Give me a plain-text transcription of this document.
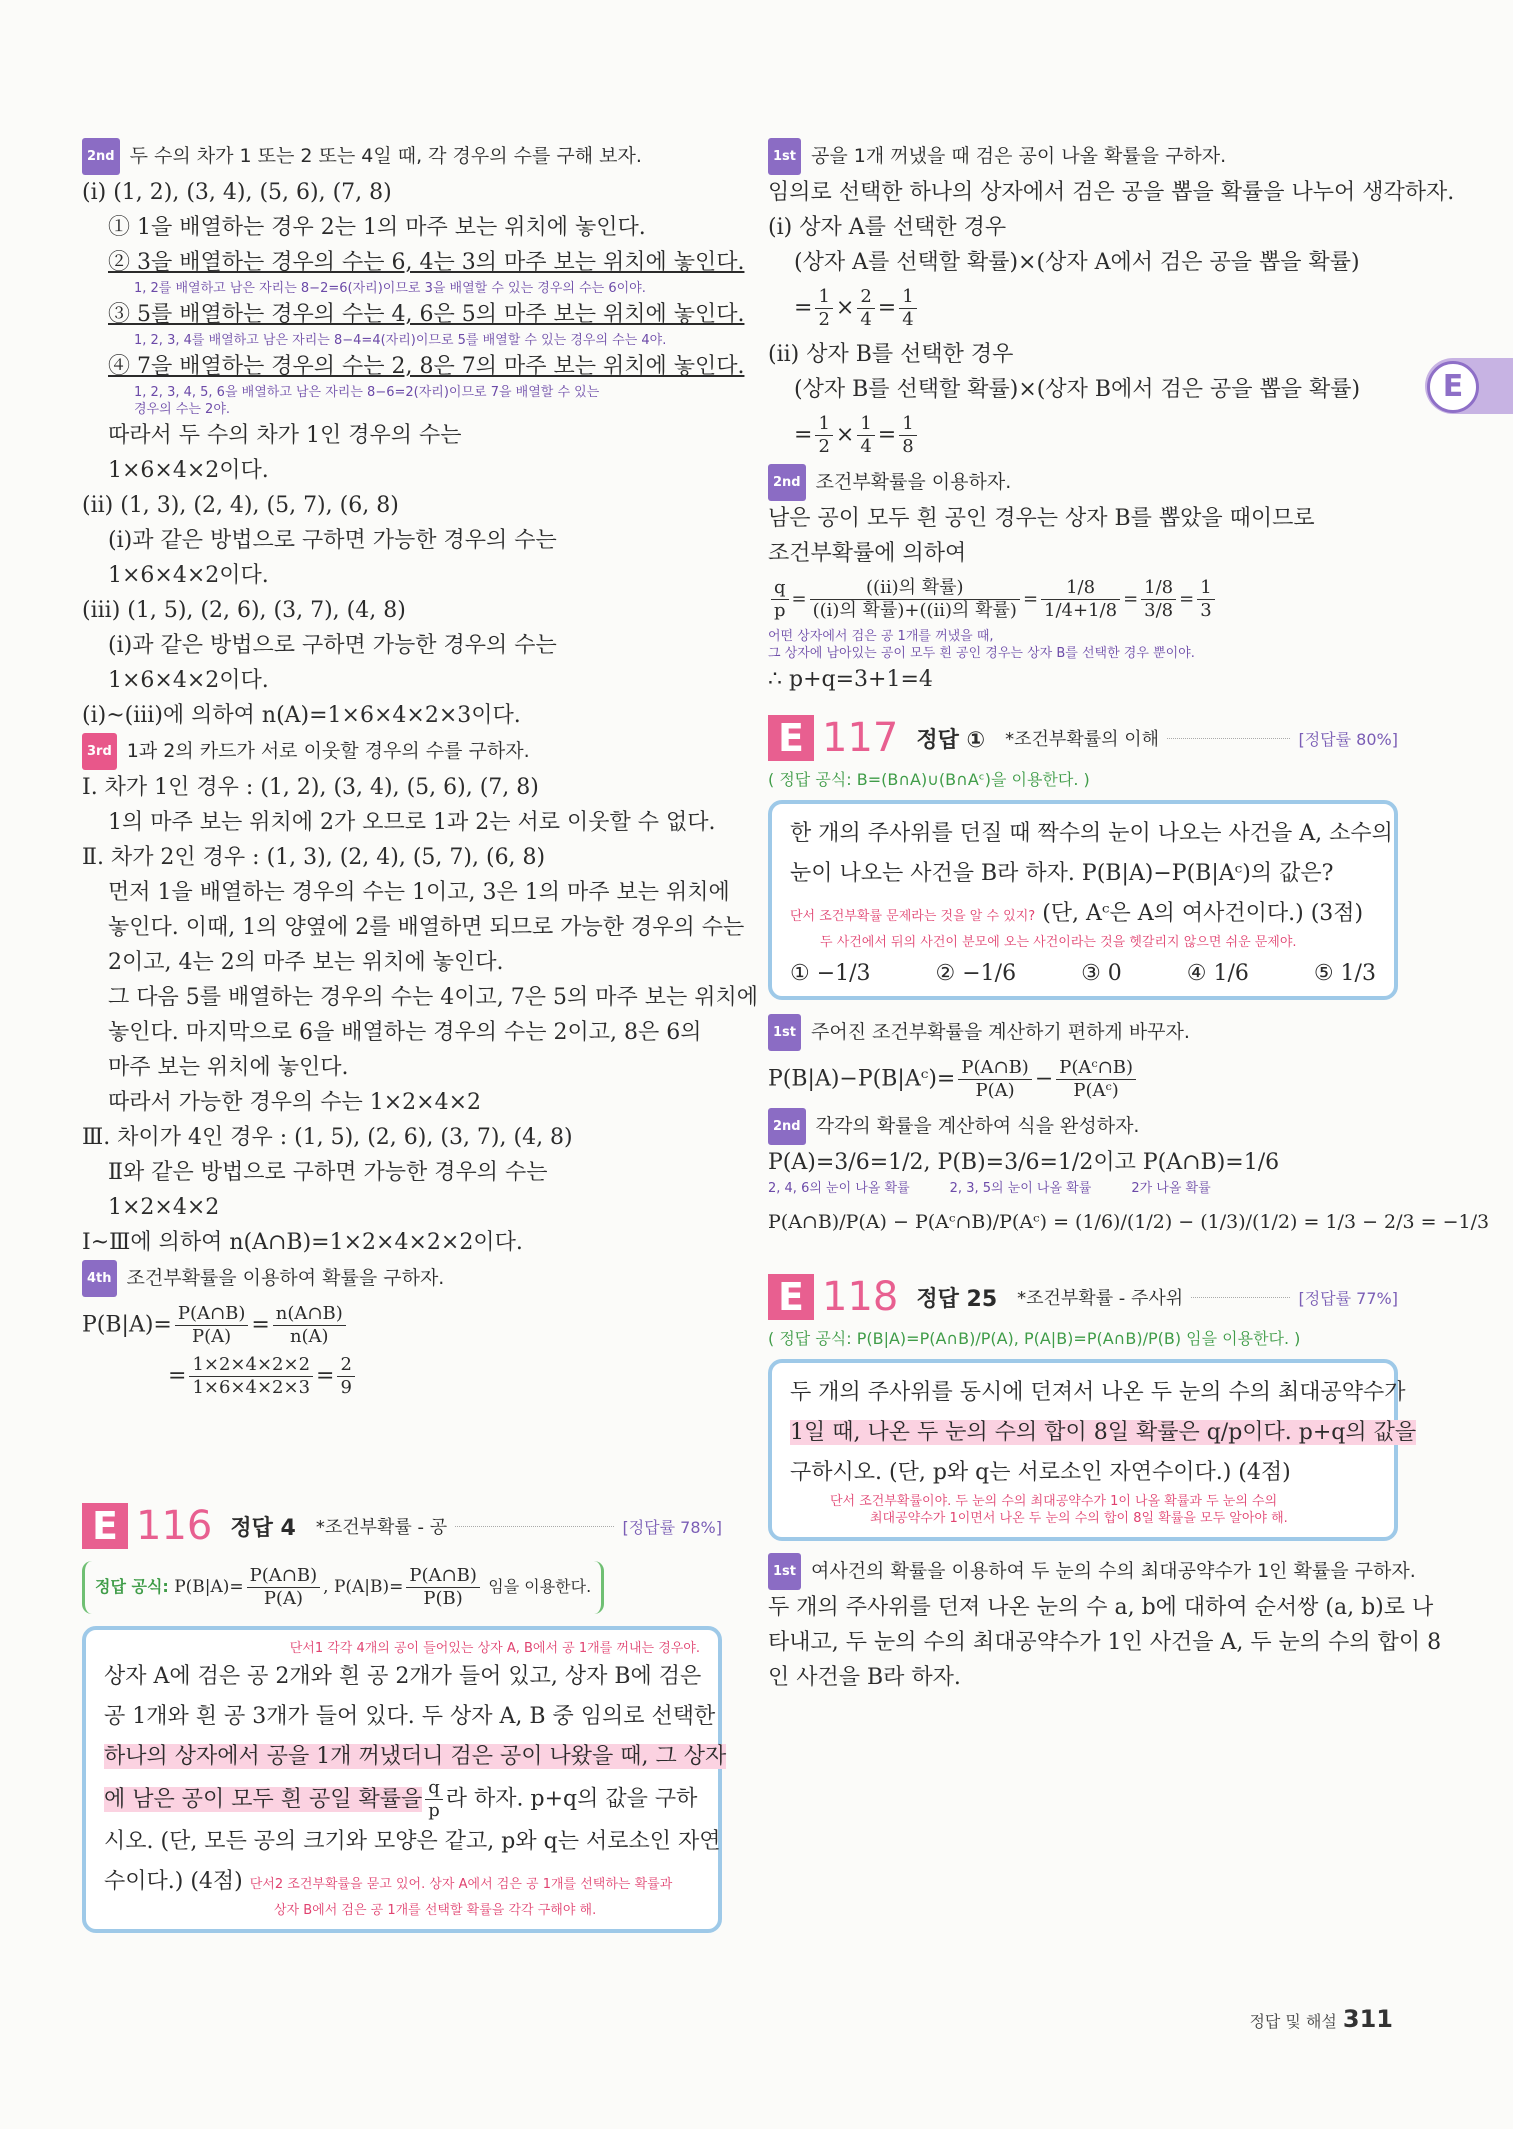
E
2nd 두 수의 차가 1 또는 2 또는 4일 때, 각 경우의 수를 구해 보자.
(i) (1, 2), (3, 4), (5, 6), (7, 8)
① 1을 배열하는 경우 2는 1의 마주 보는 위치에 놓인다.
② 3을 배열하는 경우의 수는 6, 4는 3의 마주 보는 위치에 놓인다.
1, 2를 배열하고 남은 자리는 8−2=6(자리)이므로 3을 배열할 수 있는 경우의 수는 6이야.
③ 5를 배열하는 경우의 수는 4, 6은 5의 마주 보는 위치에 놓인다.
1, 2, 3, 4를 배열하고 남은 자리는 8−4=4(자리)이므로 5를 배열할 수 있는 경우의 수는 4야.
④ 7을 배열하는 경우의 수는 2, 8은 7의 마주 보는 위치에 놓인다.
1, 2, 3, 4, 5, 6을 배열하고 남은 자리는 8−6=2(자리)이므로 7을 배열할 수 있는
경우의 수는 2야.
따라서 두 수의 차가 1인 경우의 수는
1×6×4×2이다.
(ii) (1, 3), (2, 4), (5, 7), (6, 8)
(i)과 같은 방법으로 구하면 가능한 경우의 수는
1×6×4×2이다.
(iii) (1, 5), (2, 6), (3, 7), (4, 8)
(i)과 같은 방법으로 구하면 가능한 경우의 수는
1×6×4×2이다.
(i)~(iii)에 의하여 n(A)=1×6×4×2×3이다.
3rd 1과 2의 카드가 서로 이웃할 경우의 수를 구하자.
Ⅰ. 차가 1인 경우 : (1, 2), (3, 4), (5, 6), (7, 8)
1의 마주 보는 위치에 2가 오므로 1과 2는 서로 이웃할 수 없다.
Ⅱ. 차가 2인 경우 : (1, 3), (2, 4), (5, 7), (6, 8)
먼저 1을 배열하는 경우의 수는 1이고, 3은 1의 마주 보는 위치에
놓인다. 이때, 1의 양옆에 2를 배열하면 되므로 가능한 경우의 수는
2이고, 4는 2의 마주 보는 위치에 놓인다.
그 다음 5를 배열하는 경우의 수는 4이고, 7은 5의 마주 보는 위치에
놓인다. 마지막으로 6을 배열하는 경우의 수는 2이고, 8은 6의
마주 보는 위치에 놓인다.
따라서 가능한 경우의 수는 1×2×4×2
Ⅲ. 차이가 4인 경우 : (1, 5), (2, 6), (3, 7), (4, 8)
Ⅱ와 같은 방법으로 구하면 가능한 경우의 수는
1×2×4×2
Ⅰ~Ⅲ에 의하여 n(A∩B)=1×2×4×2×2이다.
4th 조건부확률을 이용하여 확률을 구하자.
$P(B|A)= \frac{P(A\cap B)}{P(A)} = \frac{n(A\cap B)}{n(A)}$
= $\frac{1\times 2\times 4\times 2\times 2}{1\times 6\times 4\times 2\times 3} = \frac{2}{9}$
E 116 정답 4 *조건부확률 - 공	[정답률 78%]
정답 공식: $P(B|A)= \frac{P(A\cap B)}{P(A)}$ , $P(A|B)= \frac{P(A\cap B)}{P(B)}$ 임을 이용한다.
단서1 각각 4개의 공이 들어있는 상자 A, B에서 공 1개를 꺼내는 경우야.
상자 A에 검은 공 2개와 흰 공 2개가 들어 있고, 상자 B에 검은
공 1개와 흰 공 3개가 들어 있다. 두 상자 A, B 중 임의로 선택한
하나의 상자에서 공을 1개 꺼냈더니 검은 공이 나왔을 때, 그 상자
에 남은 공이 모두 흰 공일 확률을 $\frac{q}{p}$ 라 하자. p+q의 값을 구하
시오. (단, 모든 공의 크기와 모양은 같고, p와 q는 서로소인 자연
수이다.) (4점) 단서2 조건부확률을 묻고 있어. 상자 A에서 검은 공 1개를 선택하는 확률과
상자 B에서 검은 공 1개를 선택할 확률을 각각 구해야 해.
1st 공을 1개 꺼냈을 때 검은 공이 나올 확률을 구하자.
임의로 선택한 하나의 상자에서 검은 공을 뽑을 확률을 나누어 생각하자.
(i) 상자 A를 선택한 경우
(상자 A를 선택할 확률)×(상자 A에서 검은 공을 뽑을 확률)
= $\frac{1}{2} \times \frac{2}{4} = \frac{1}{4}$
(ii) 상자 B를 선택한 경우
(상자 B를 선택할 확률)×(상자 B에서 검은 공을 뽑을 확률)
= $\frac{1}{2} \times \frac{1}{4} = \frac{1}{8}$
2nd 조건부확률을 이용하자.
남은 공이 모두 흰 공인 경우는 상자 B를 뽑았을 때이므로
조건부확률에 의하여
$\frac{q}{p} = \frac{\text{((ii)의 확률)}}{\text{((i)의 확률)+((ii)의 확률)}} = \frac{1/8}{1/4+1/8} = \frac{1/8}{3/8} = \frac{1}{3}$
어떤 상자에서 검은 공 1개를 꺼냈을 때,
그 상자에 남아있는 공이 모두 흰 공인 경우는 상자 B를 선택한 경우 뿐이야.
∴ p+q=3+1=4
E 117 정답 ① *조건부확률의 이해	[정답률 80%]
( 정답 공식: B=(B∩A)∪(B∩Aᶜ)을 이용한다. )
한 개의 주사위를 던질 때 짝수의 눈이 나오는 사건을 A, 소수의
눈이 나오는 사건을 B라 하자. P(B|A)−P(B|Aᶜ)의 값은?
단서 조건부확률 문제라는 것을 알 수 있지? (단, Aᶜ은 A의 여사건이다.) (3점)
두 사건에서 뒤의 사건이 분모에 오는 사건이라는 것을 헷갈리지 않으면 쉬운 문제야.
① −1/3	② −1/6	③ 0	④ 1/6	⑤ 1/3
1st 주어진 조건부확률을 계산하기 편하게 바꾸자.
P(B|A)−P(B|Aᶜ)= $\frac{P(A\cap B)}{P(A)} - \frac{\text{P(Aᶜ∩B)}}{\text{P(Aᶜ)}}$
2nd 각각의 확률을 계산하여 식을 완성하자.
P(A)=3/6=1/2, P(B)=3/6=1/2이고 P(A∩B)=1/6
2, 4, 6의 눈이 나올 확률	2, 3, 5의 눈이 나올 확률	2가 나올 확률
P(A∩B)/P(A) − P(Aᶜ∩B)/P(Aᶜ) = (1/6)/(1/2) − (1/3)/(1/2) = 1/3 − 2/3 = −1/3
E 118 정답 25 *조건부확률 - 주사위	[정답률 77%]
( 정답 공식: P(B|A)=P(A∩B)/P(A), P(A|B)=P(A∩B)/P(B) 임을 이용한다. )
두 개의 주사위를 동시에 던져서 나온 두 눈의 수의 최대공약수가
1일 때, 나온 두 눈의 수의 합이 8일 확률은 q/p이다. p+q의 값을
구하시오. (단, p와 q는 서로소인 자연수이다.) (4점)
단서 조건부확률이야. 두 눈의 수의 최대공약수가 1이 나올 확률과 두 눈의 수의
최대공약수가 1이면서 나온 두 눈의 수의 합이 8일 확률을 모두 알아야 해.
1st 여사건의 확률을 이용하여 두 눈의 수의 최대공약수가 1인 확률을 구하자.
두 개의 주사위를 던져 나온 눈의 수 a, b에 대하여 순서쌍 (a, b)로 나
타내고, 두 눈의 수의 최대공약수가 1인 사건을 A, 두 눈의 수의 합이 8
인 사건을 B라 하자.
정답 및 해설 311
